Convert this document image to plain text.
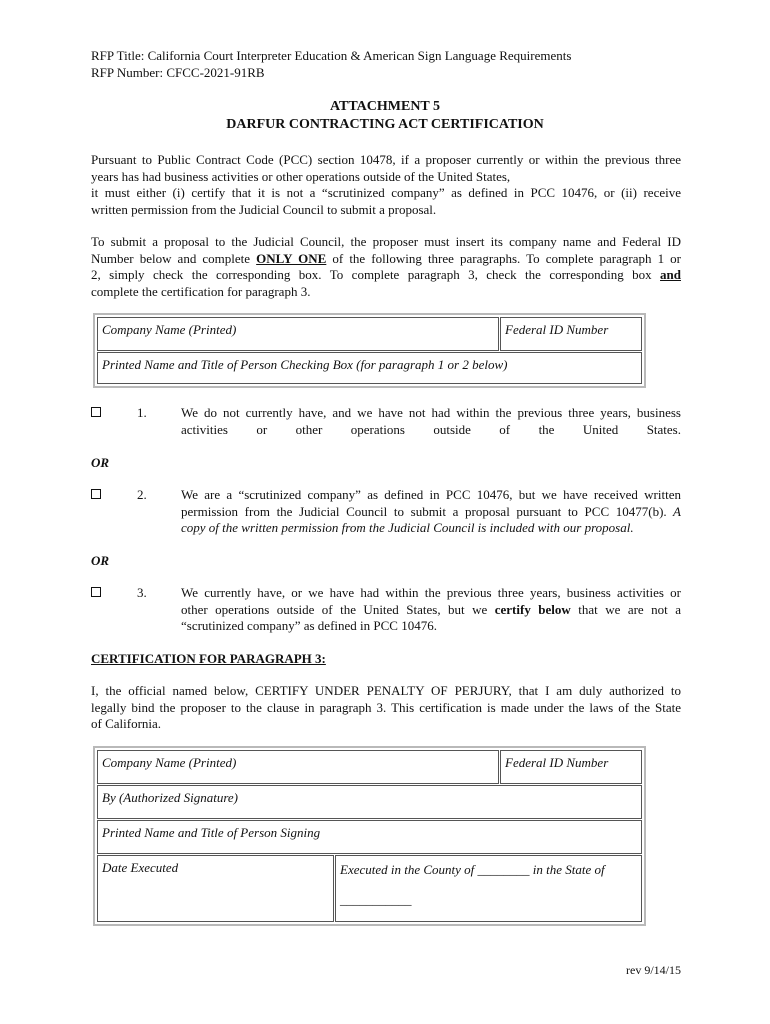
RFP Title: California Court Interpreter Education & American Sign Language Requirements
RFP Number: CFCC-2021-91RB
ATTACHMENT 5
DARFUR CONTRACTING ACT CERTIFICATION
Pursuant to Public Contract Code (PCC) section 10478, if a proposer currently or within the previous three
years has had business activities or other operations outside of the United States,
it must either (i) certify that it is not a “scrutinized company” as defined in PCC 10476, or (ii) receive
written permission from the Judicial Council to submit a proposal.
To submit a proposal to the Judicial Council, the proposer must insert its company name and Federal ID
Number below and complete ONLY ONE of the following three paragraphs. To complete paragraph 1 or
2, simply check the corresponding box. To complete paragraph 3, check the corresponding box and
complete the certification for paragraph 3.
Company Name (Printed)	Federal ID Number
Printed Name and Title of Person Checking Box (for paragraph 1 or 2 below)
1.	We do not currently have, and we have not had within the previous three years, business
activities or other operations outside of the United States.
OR
2.	We are a “scrutinized company” as defined in PCC 10476, but we have received written
permission from the Judicial Council to submit a proposal pursuant to PCC 10477(b). A
copy of the written permission from the Judicial Council is included with our proposal.
OR
3.	We currently have, or we have had within the previous three years, business activities or
other operations outside of the United States, but we certify below that we are not a
“scrutinized company” as defined in PCC 10476.
CERTIFICATION FOR PARAGRAPH 3:
I, the official named below, CERTIFY UNDER PENALTY OF PERJURY, that I am duly authorized to
legally bind the proposer to the clause in paragraph 3. This certification is made under the laws of the State
of California.
Company Name (Printed)	Federal ID Number
By (Authorized Signature)
Printed Name and Title of Person Signing
Date Executed	Executed in the County of ________ in the State of
___________
rev 9/14/15
